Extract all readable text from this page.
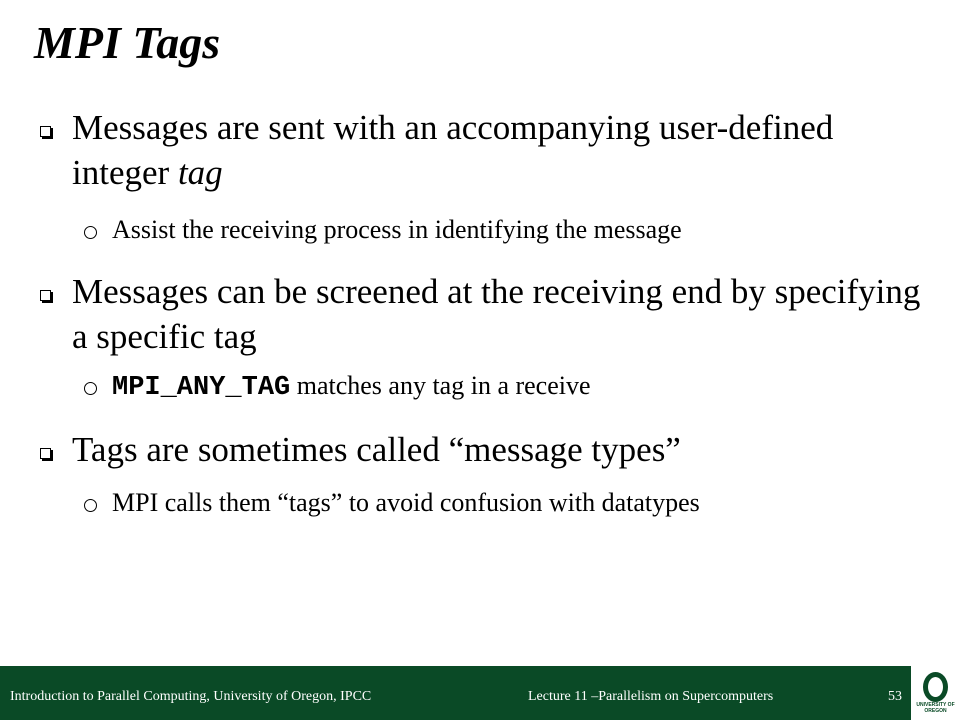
MPI Tags
Messages are sent with an accompanying user-defined integer tag
Assist the receiving process in identifying the message
Messages can be screened at the receiving end by specifying a specific tag
MPI_ANY_TAG matches any tag in a receive
Tags are sometimes called “message types”
MPI calls them “tags” to avoid confusion with datatypes
Introduction to Parallel Computing, University of Oregon, IPCC	Lecture 11 –Parallelism on Supercomputers	53
UNIVERSITY OF OREGON
